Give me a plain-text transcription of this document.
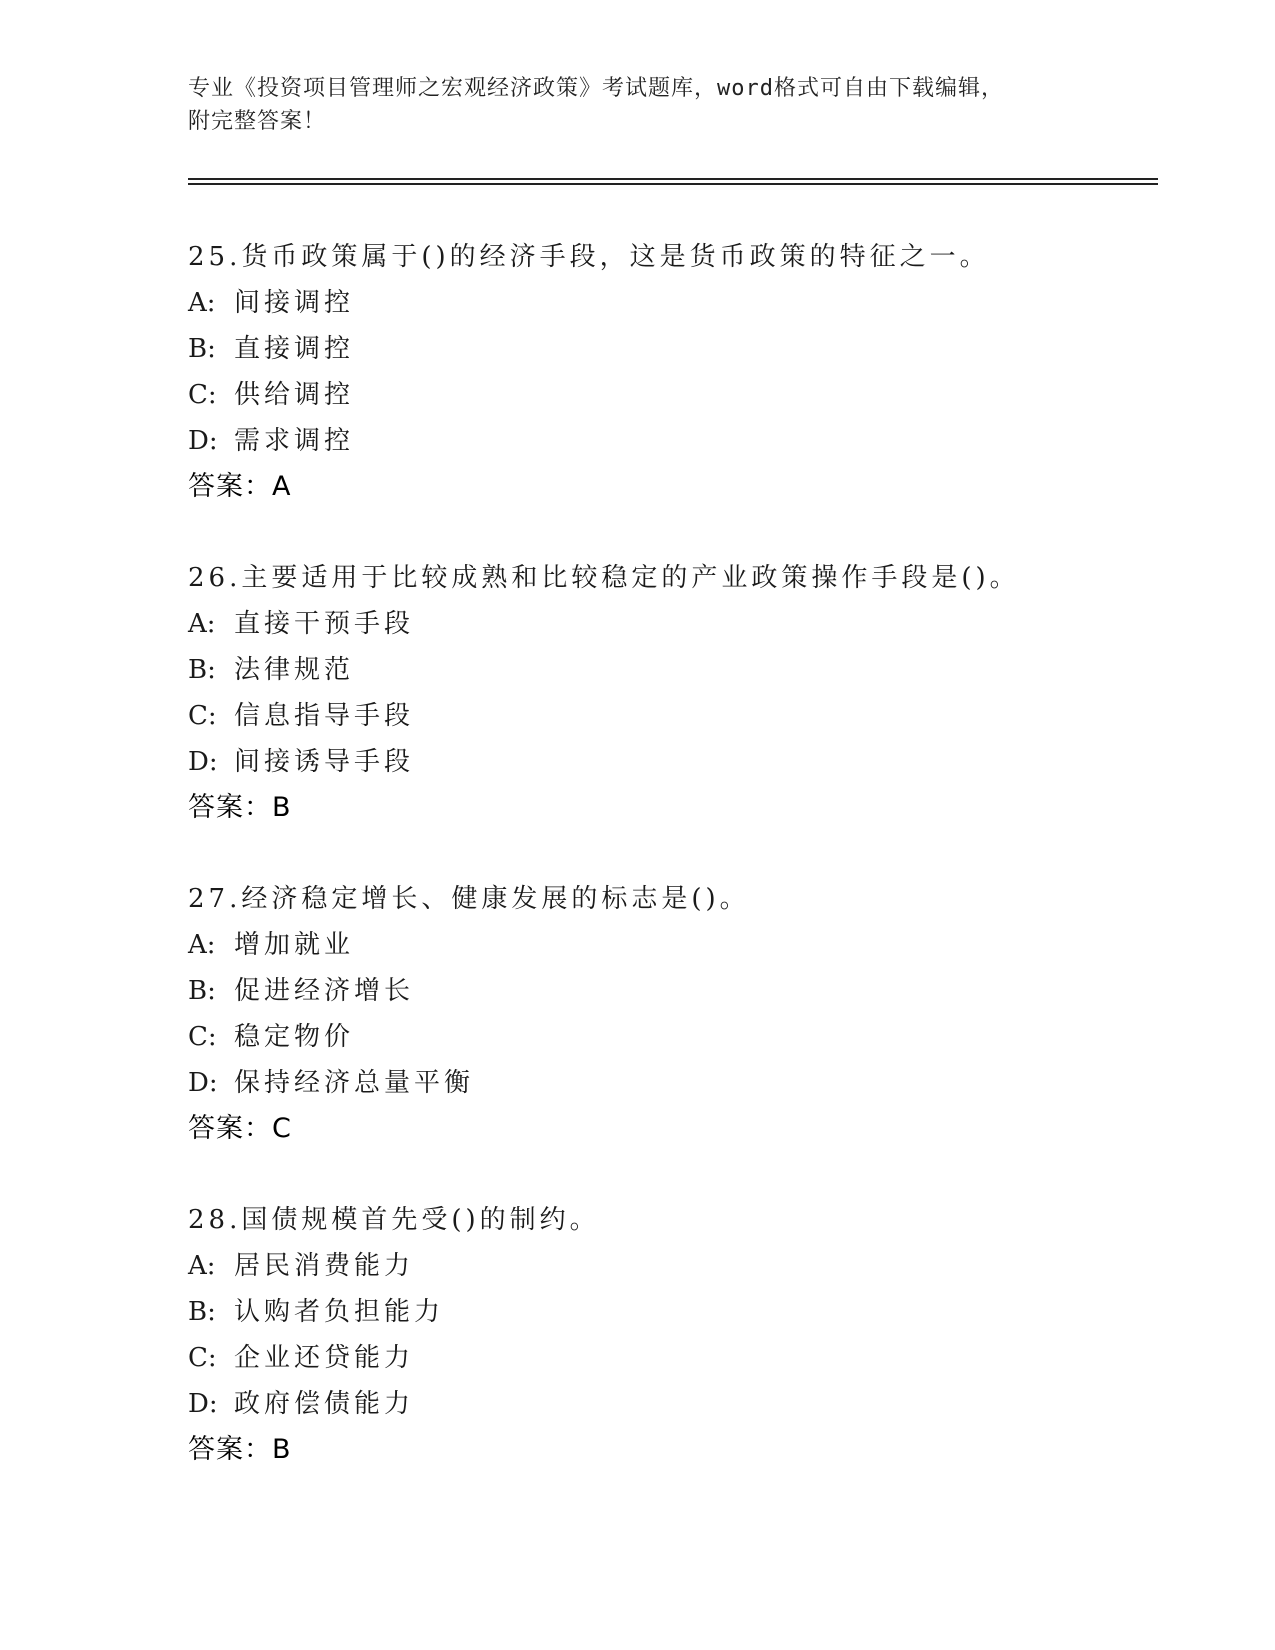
专业《投资项目管理师之宏观经济政策》考试题库，word格式可自由下载编辑，
附完整答案！
25.货币政策属于()的经济手段，这是货币政策的特征之一。
A: 间接调控
B: 直接调控
C: 供给调控
D: 需求调控
答案：A
26.主要适用于比较成熟和比较稳定的产业政策操作手段是()。
A: 直接干预手段
B: 法律规范
C: 信息指导手段
D: 间接诱导手段
答案：B
27.经济稳定增长、健康发展的标志是()。
A: 增加就业
B: 促进经济增长
C: 稳定物价
D: 保持经济总量平衡
答案：C
28.国债规模首先受()的制约。
A: 居民消费能力
B: 认购者负担能力
C: 企业还贷能力
D: 政府偿债能力
答案：B
